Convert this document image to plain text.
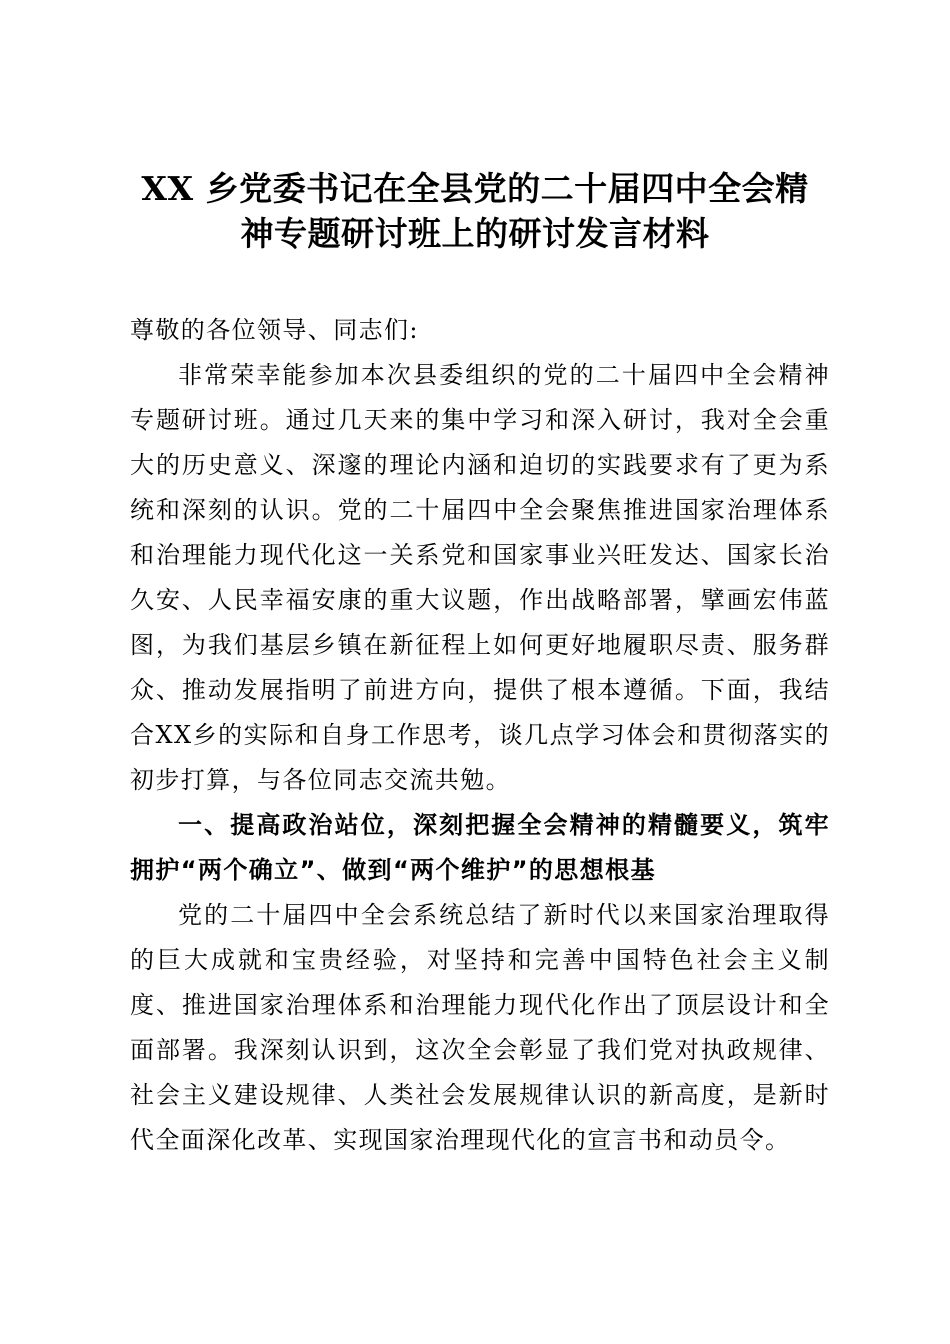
XX 乡党委书记在全县党的二十届四中全会精
神专题研讨班上的研讨发言材料

尊敬的各位领导、同志们:

非常荣幸能参加本次县委组织的党的二十届四中全会精神专题研讨班。通过几天来的集中学习和深入研讨，我对全会重大的历史意义、深邃的理论内涵和迫切的实践要求有了更为系统和深刻的认识。党的二十届四中全会聚焦推进国家治理体系和治理能力现代化这一关系党和国家事业兴旺发达、国家长治久安、人民幸福安康的重大议题，作出战略部署，擘画宏伟蓝图，为我们基层乡镇在新征程上如何更好地履职尽责、服务群众、推动发展指明了前进方向，提供了根本遵循。下面，我结合XX乡的实际和自身工作思考，谈几点学习体会和贯彻落实的初步打算，与各位同志交流共勉。

一、提高政治站位，深刻把握全会精神的精髓要义，筑牢拥护“两个确立”、做到“两个维护”的思想根基

党的二十届四中全会系统总结了新时代以来国家治理取得的巨大成就和宝贵经验，对坚持和完善中国特色社会主义制度、推进国家治理体系和治理能力现代化作出了顶层设计和全面部署。我深刻认识到，这次全会彰显了我们党对执政规律、社会主义建设规律、人类社会发展规律认识的新高度，是新时代全面深化改革、实现国家治理现代化的宣言书和动员令。
